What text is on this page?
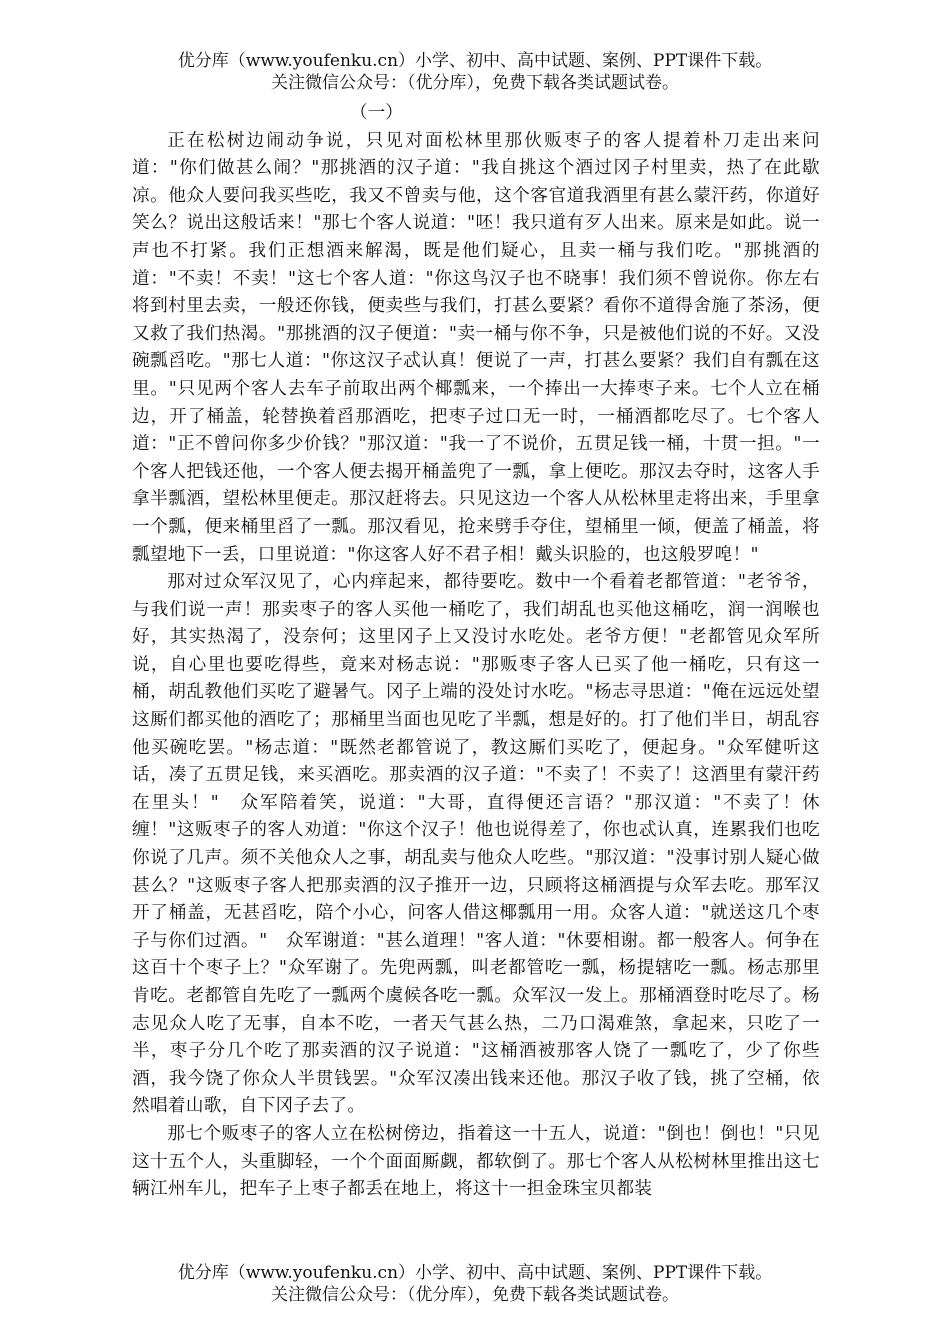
优分库（www.youfenku.cn）小学、初中、高中试题、案例、PPT课件下载。
关注微信公众号：（优分库），免费下载各类试题试卷。
（一）

正在松树边闹动争说，只见对面松林里那伙贩枣子的客人提着朴刀走出来问道："你们做甚么闹？"那挑酒的汉子道："我自挑这个酒过冈子村里卖，热了在此歇凉。他众人要问我买些吃，我又不曾卖与他，这个客官道我酒里有甚么蒙汗药，你道好笑么？说出这般话来！"那七个客人说道："呸！我只道有歹人出来。原来是如此。说一声也不打紧。我们正想酒来解渴，既是他们疑心，且卖一桶与我们吃。"那挑酒的道："不卖！不卖！"这七个客人道："你这鸟汉子也不晓事！我们须不曾说你。你左右将到村里去卖，一般还你钱，便卖些与我们，打甚么要紧？看你不道得舍施了茶汤，便又救了我们热渴。"那挑酒的汉子便道："卖一桶与你不争，只是被他们说的不好。又没碗瓢舀吃。"那七人道："你这汉子忒认真！便说了一声，打甚么要紧？我们自有瓢在这里。"只见两个客人去车子前取出两个椰瓢来，一个捧出一大捧枣子来。七个人立在桶边，开了桶盖，轮替换着舀那酒吃，把枣子过口无一时，一桶酒都吃尽了。七个客人道："正不曾问你多少价钱？"那汉道："我一了不说价，五贯足钱一桶，十贯一担。"一个客人把钱还他，一个客人便去揭开桶盖兜了一瓢，拿上便吃。那汉去夺时，这客人手拿半瓢酒，望松林里便走。那汉赶将去。只见这边一个客人从松林里走将出来，手里拿一个瓢，便来桶里舀了一瓢。那汉看见，抢来劈手夺住，望桶里一倾，便盖了桶盖，将瓢望地下一丢，口里说道："你这客人好不君子相！戴头识脸的，也这般罗唣！"

那对过众军汉见了，心内痒起来，都待要吃。数中一个看着老都管道："老爷爷，与我们说一声！那卖枣子的客人买他一桶吃了，我们胡乱也买他这桶吃，润一润喉也好，其实热渴了，没奈何；这里冈子上又没讨水吃处。老爷方便！"老都管见众军所说，自心里也要吃得些，竟来对杨志说："那贩枣子客人已买了他一桶吃，只有这一桶，胡乱教他们买吃了避暑气。冈子上端的没处讨水吃。"杨志寻思道："俺在远远处望这厮们都买他的酒吃了；那桶里当面也见吃了半瓢，想是好的。打了他们半日，胡乱容他买碗吃罢。"杨志道："既然老都管说了，教这厮们买吃了，便起身。"众军健听这话，凑了五贯足钱，来买酒吃。那卖酒的汉子道："不卖了！不卖了！这酒里有蒙汗药在里头！"　众军陪着笑，说道："大哥，直得便还言语？"那汉道："不卖了！休缠！"这贩枣子的客人劝道："你这个汉子！他也说得差了，你也忒认真，连累我们也吃你说了几声。须不关他众人之事，胡乱卖与他众人吃些。"那汉道："没事讨别人疑心做甚么？"这贩枣子客人把那卖酒的汉子推开一边，只顾将这桶酒提与众军去吃。那军汉开了桶盖，无甚舀吃，陪个小心，问客人借这椰瓢用一用。众客人道："就送这几个枣子与你们过酒。"　众军谢道："甚么道理！"客人道："休要相谢。都一般客人。何争在这百十个枣子上？"众军谢了。先兜两瓢，叫老都管吃一瓢，杨提辖吃一瓢。杨志那里肯吃。老都管自先吃了一瓢两个虞候各吃一瓢。众军汉一发上。那桶酒登时吃尽了。杨志见众人吃了无事，自本不吃，一者天气甚么热，二乃口渴难煞，拿起来，只吃了一半，枣子分几个吃了那卖酒的汉子说道："这桶酒被那客人饶了一瓢吃了，少了你些酒，我今饶了你众人半贯钱罢。"众军汉凑出钱来还他。那汉子收了钱，挑了空桶，依然唱着山歌，自下冈子去了。

那七个贩枣子的客人立在松树傍边，指着这一十五人，说道："倒也！倒也！"只见这十五个人，头重脚轻，一个个面面厮觑，都软倒了。那七个客人从松树林里推出这七辆江州车儿，把车子上枣子都丢在地上，将这十一担金珠宝贝都装

优分库（www.youfenku.cn）小学、初中、高中试题、案例、PPT课件下载。
关注微信公众号：（优分库），免费下载各类试题试卷。
